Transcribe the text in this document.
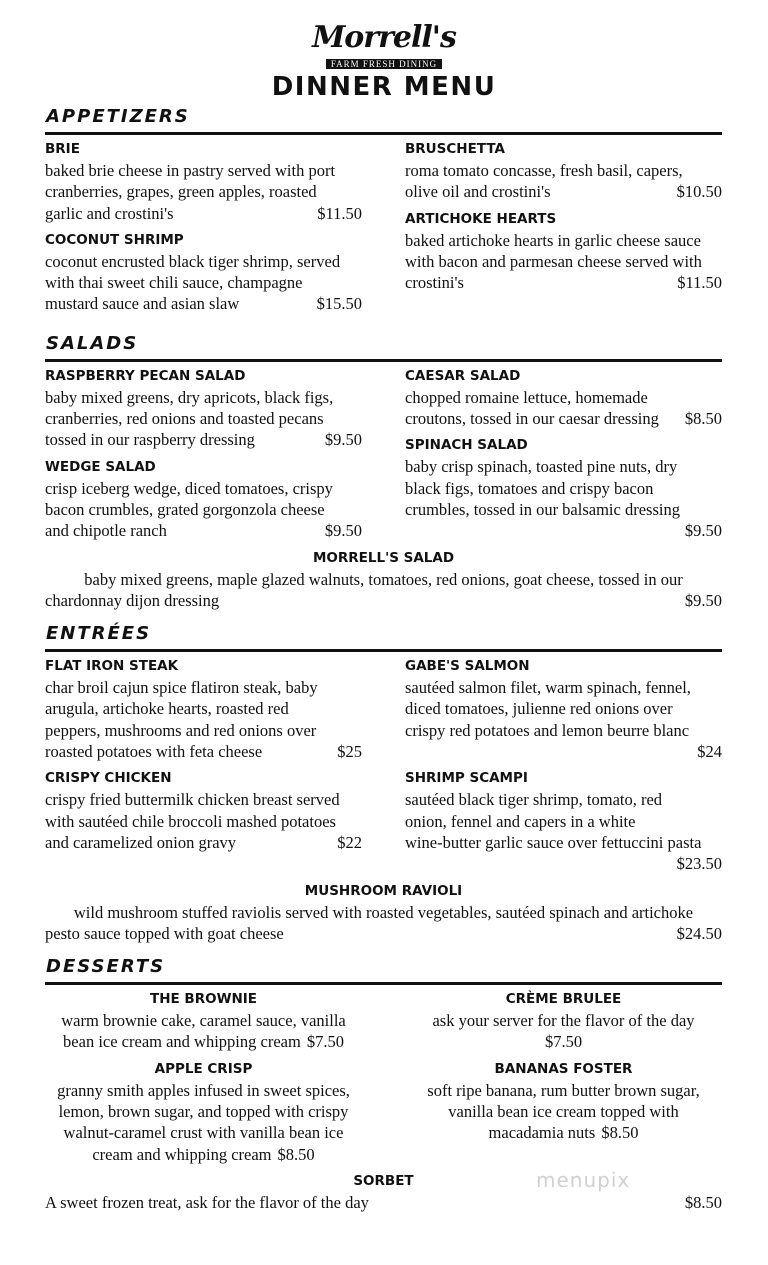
Morrell's
FARM FRESH DINING
DINNER MENU
APPETIZERS
BRIE
baked brie cheese in pastry served with port
cranberries, grapes, green apples, roasted
garlic and crostini's	$11.50
COCONUT SHRIMP
coconut encrusted black tiger shrimp, served
with thai sweet chili sauce, champagne
mustard sauce and asian slaw	$15.50
BRUSCHETTA
roma tomato concasse, fresh basil, capers,
olive oil and crostini's	$10.50
ARTICHOKE HEARTS
baked artichoke hearts in garlic cheese sauce
with bacon and parmesan cheese served with
crostini's	$11.50
SALADS
RASPBERRY PECAN SALAD
baby mixed greens, dry apricots, black figs,
cranberries, red onions and toasted pecans
tossed in our raspberry dressing	$9.50
WEDGE SALAD
crisp iceberg wedge, diced tomatoes, crispy
bacon crumbles, grated gorgonzola cheese
and chipotle ranch	$9.50
CAESAR SALAD
chopped romaine lettuce, homemade
croutons, tossed in our caesar dressing $8.50
SPINACH SALAD
baby crisp spinach, toasted pine nuts, dry
black figs, tomatoes and crispy bacon
crumbles, tossed in our balsamic dressing
$9.50
MORRELL'S SALAD
baby mixed greens, maple glazed walnuts, tomatoes, red onions, goat cheese, tossed in our
chardonnay dijon dressing	$9.50
ENTRÉES
FLAT IRON STEAK
char broil cajun spice flatiron steak, baby
arugula, artichoke hearts, roasted red
peppers, mushrooms and red onions over
roasted potatoes with feta cheese	$25
CRISPY CHICKEN
crispy fried buttermilk chicken breast served
with sautéed chile broccoli mashed potatoes
and caramelized onion gravy	$22
GABE'S SALMON
sautéed salmon filet, warm spinach, fennel,
diced tomatoes, julienne red onions over
crispy red potatoes and lemon beurre blanc
$24
SHRIMP SCAMPI
sautéed black tiger shrimp, tomato, red
onion, fennel and capers in a white
wine-butter garlic sauce over fettuccini pasta
$23.50
MUSHROOM RAVIOLI
wild mushroom stuffed raviolis served with roasted vegetables, sautéed spinach and artichoke
pesto sauce topped with goat cheese	$24.50
DESSERTS
THE BROWNIE
warm brownie cake, caramel sauce, vanilla
bean ice cream and whipping cream $7.50
APPLE CRISP
granny smith apples infused in sweet spices,
lemon, brown sugar, and topped with crispy
walnut-caramel crust with vanilla bean ice
cream and whipping cream $8.50
CRÈME BRULEE
ask your server for the flavor of the day
$7.50
BANANAS FOSTER
soft ripe banana, rum butter brown sugar,
vanilla bean ice cream topped with
macadamia nuts $8.50
SORBET
A sweet frozen treat, ask for the flavor of the day	$8.50
menupix
